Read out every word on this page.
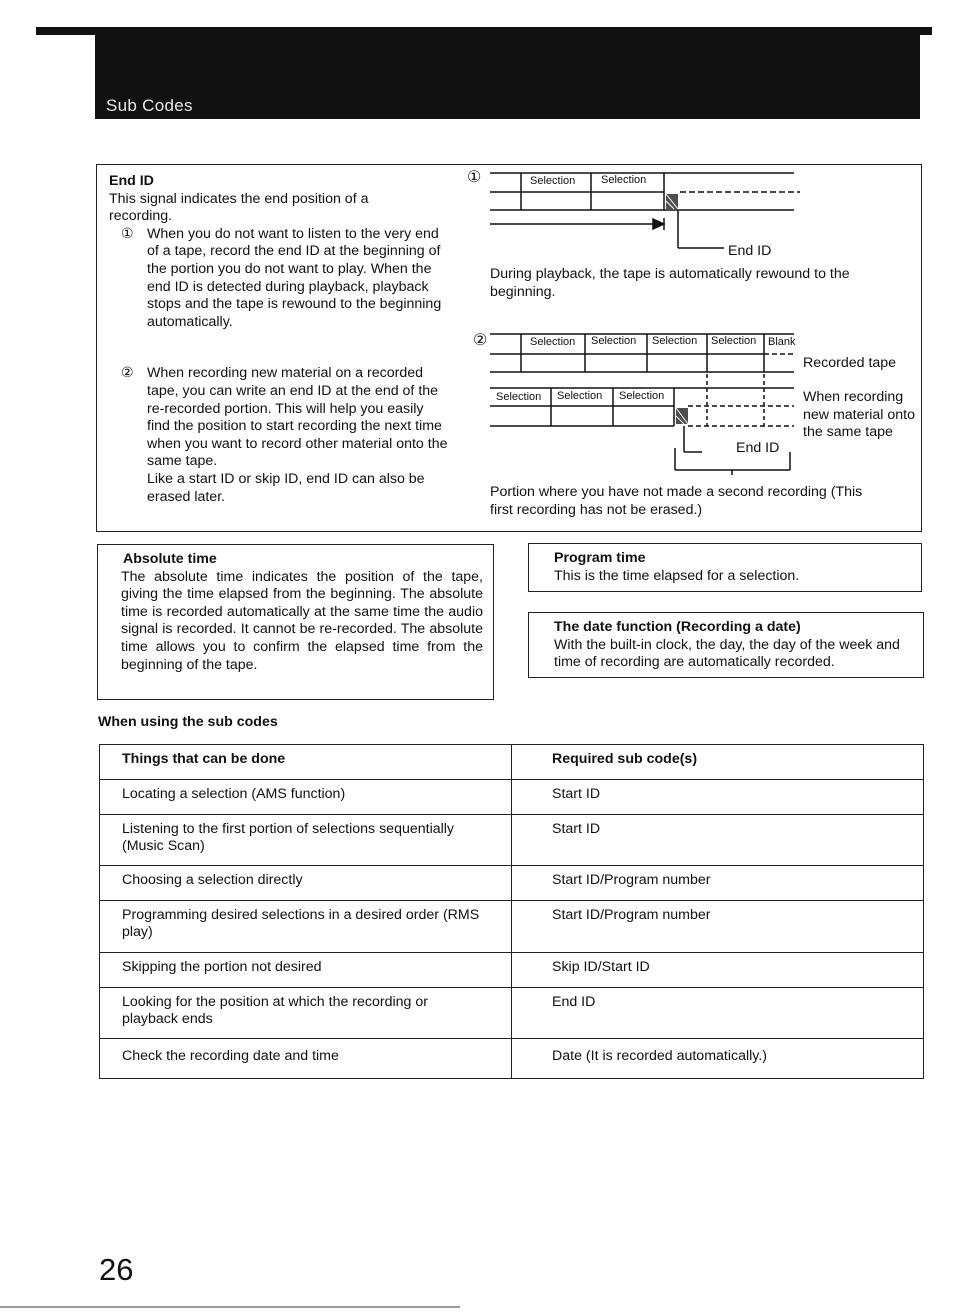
Sub Codes
End ID
This signal indicates the end position of a recording.
① When you do not want to listen to the very end of a tape, record the end ID at the beginning of the portion you do not want to play. When the end ID is detected during playback, playback stops and the tape is rewound to the beginning automatically.
② When recording new material on a recorded tape, you can write an end ID at the end of the re-recorded portion. This will help you easily find the position to start recording the next time when you want to record other material onto the same tape.
Like a start ID or skip ID, end ID can also be erased later.
①	Selection Selection
End ID
During playback, the tape is automatically rewound to the beginning.
②	Selection Selection Selection Selection Blank
Selection Selection Selection
Recorded tape
When recording new material onto the same tape
End ID
Portion where you have not made a second recording (This first recording has not be erased.)
Absolute time
The absolute time indicates the position of the tape, giving the time elapsed from the beginning. The absolute time is recorded automatically at the same time the audio signal is recorded. It cannot be re-recorded. The absolute time allows you to confirm the elapsed time from the beginning of the tape.
Program time
This is the time elapsed for a selection.
The date function (Recording a date)
With the built-in clock, the day, the day of the week and time of recording are automatically recorded.
When using the sub codes
Things that can be done	Required sub code(s)
Locating a selection (AMS function)	Start ID

Listening to the first portion of selections sequentially (Music Scan)	Start ID
Choosing a selection directly	Start ID/Program number

Programming desired selections in a desired order (RMS play)	Start ID/Program number
Skipping the portion not desired	Skip ID/Start ID

Looking for the position at which the recording or playback ends	End ID
Check the recording date and time	Date (It is recorded automatically.)
26
